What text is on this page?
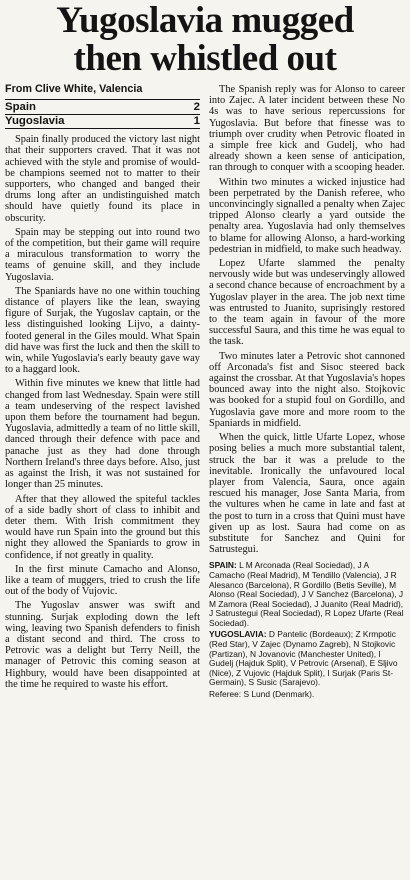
Yugoslavia mugged
then whistled out
From Clive White, Valencia
Spain	2
Yugoslavia	1

Spain finally produced the victory last night that their supporters craved. That it was not achieved with the style and promise of would-be champions seemed not to matter to their supporters, who changed and banged their drums long after an undistinguished match should have quietly found its place in obscurity.

Spain may be stepping out into round two of the competition, but their game will require a miraculous transformation to worry the teams of genuine skill, and they include Yugoslavia.

The Spaniards have no one within touching distance of players like the lean, swaying figure of Surjak, the Yugoslav captain, or the less distinguished looking Lijvo, a dainty-footed general in the Giles mould. What Spain did have was first the luck and then the skill to win, while Yugoslavia's early beauty gave way to a haggard look.

Within five minutes we knew that little had changed from last Wednesday. Spain were still a team undeserving of the respect lavished upon them before the tournament had begun. Yugoslavia, admittedly a team of no little skill, danced through their defence with pace and panache just as they had done through Northern Ireland's three days before. Also, just as against the Irish, it was not sustained for longer than 25 minutes.

After that they allowed the spiteful tackles of a side badly short of class to inhibit and deter them. With Irish commitment they would have run Spain into the ground but this night they allowed the Spaniards to grow in confidence, if not greatly in quality.

In the first minute Camacho and Alonso, like a team of muggers, tried to crush the life out of the body of Vujovic.

The Yugoslav answer was swift and stunning. Surjak exploding down the left wing, leaving two Spanish defenders to finish a distant second and third. The cross to Petrovic was a delight but Terry Neill, the manager of Petrovic this coming season at Highbury, would have been disappointed at the time he required to waste his effort.

The Spanish reply was for Alonso to career into Zajec. A later incident between these No 4s was to have serious repercussions for Yugoslavia. But before that finesse was to triumph over crudity when Petrovic floated in a simple free kick and Gudelj, who had already shown a keen sense of anticipation, ran through to conquer with a scooping header.

Within two minutes a wicked injustice had been perpetrated by the Danish referee, who unconvincingly signalled a penalty when Zajec tripped Alonso clearly a yard outside the penalty area. Yugoslavia had only themselves to blame for allowing Alonso, a hard-working pedestrian in midfield, to make such headway.

Lopez Ufarte slammed the penalty nervously wide but was undeservingly allowed a second chance because of encroachment by a Yugoslav player in the area. The job next time was entrusted to Juanito, suprisingly restored to the team again in favour of the more successful Saura, and this time he was equal to the task.

Two minutes later a Petrovic shot cannoned off Arconada's fist and Sisoc steered back against the crossbar. At that Yugoslavia's hopes bounced away into the night also. Stojkovic was booked for a stupid foul on Gordillo, and Yugoslavia gave more and more room to the Spaniards in midfield.

When the quick, little Ufarte Lopez, whose posing belies a much more substantial talent, struck the bar it was a prelude to the inevitable. Ironically the unfavoured local player from Valencia, Saura, once again rescued his manager, Jose Santa Maria, from the vultures when he came in late and fast at the post to turn in a cross that Quini must have given up as lost. Saura had come on as substitute for Sanchez and Quini for Satrustegui.

SPAIN: L M Arconada (Real Sociedad), J A Camacho (Real Madrid), M Tendillo (Valencia), J R Alesanco (Barcelona), R Gordillo (Betis Seville), M Alonso (Real Sociedad), J V Sanchez (Barcelona), J M Zamora (Real Sociedad), J Juanito (Real Madrid), J Satrustegui (Real Sociedad), R Lopez Ufarte (Real Sociedad).
YUGOSLAVIA: D Pantelic (Bordeaux); Z Krmpotic (Red Star), V Zajec (Dynamo Zagreb), N Stojkovic (Partizan), N Jovanovic (Manchester United), I Gudelj (Hajduk Split), V Petrovic (Arsenal), E Sljivo (Nice), Z Vujovic (Hajduk Split), I Surjak (Paris St-Germain), S Susic (Sarajevo).
Referee: S Lund (Denmark).
